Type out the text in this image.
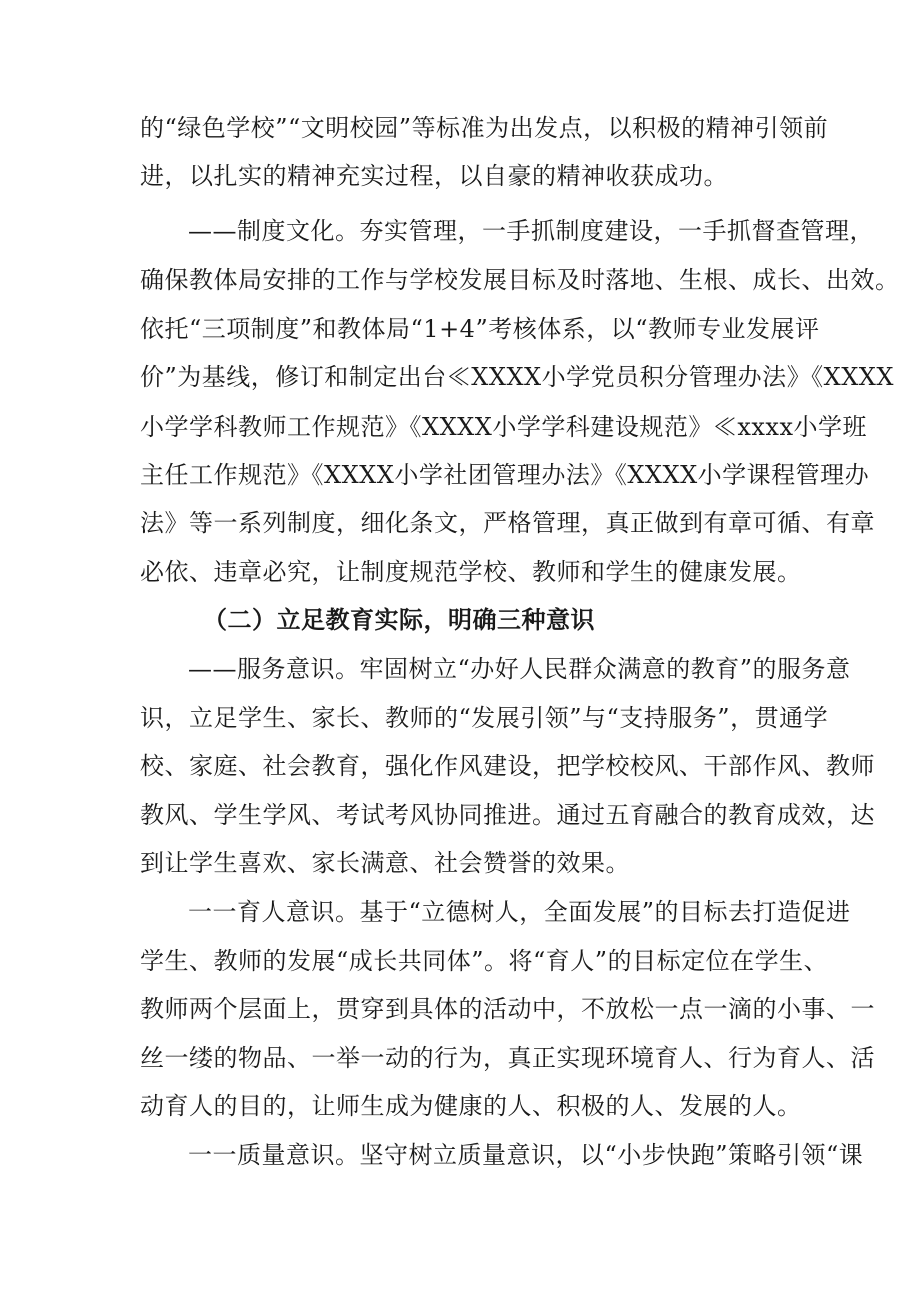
的“绿色学校”“文明校园”等标准为出发点，以积极的精神引领前
进，以扎实的精神充实过程，以自豪的精神收获成功。
——制度文化。夯实管理，一手抓制度建设，一手抓督查管理，
确保教体局安排的工作与学校发展目标及时落地、生根、成长、出效。
依托“三项制度”和教体局“1+4”考核体系，以“教师专业发展评
价”为基线，修订和制定出台≪XXXX小学党员积分管理办法》《XXXX
小学学科教师工作规范》《XXXX小学学科建设规范》≪xxxx小学班
主任工作规范》《XXXX小学社团管理办法》《XXXX小学课程管理办
法》等一系列制度，细化条文，严格管理，真正做到有章可循、有章
必依、违章必究，让制度规范学校、教师和学生的健康发展。
（二）立足教育实际，明确三种意识
——服务意识。牢固树立“办好人民群众满意的教育”的服务意
识，立足学生、家长、教师的“发展引领”与“支持服务”，贯通学
校、家庭、社会教育，强化作风建设，把学校校风、干部作风、教师
教风、学生学风、考试考风协同推进。通过五育融合的教育成效，达
到让学生喜欢、家长满意、社会赞誉的效果。
一一育人意识。基于“立德树人，全面发展”的目标去打造促进
学生、教师的发展“成长共同体”。将“育人”的目标定位在学生、
教师两个层面上，贯穿到具体的活动中，不放松一点一滴的小事、一
丝一缕的物品、一举一动的行为，真正实现环境育人、行为育人、活
动育人的目的，让师生成为健康的人、积极的人、发展的人。
一一质量意识。坚守树立质量意识，以“小步快跑”策略引领“课
